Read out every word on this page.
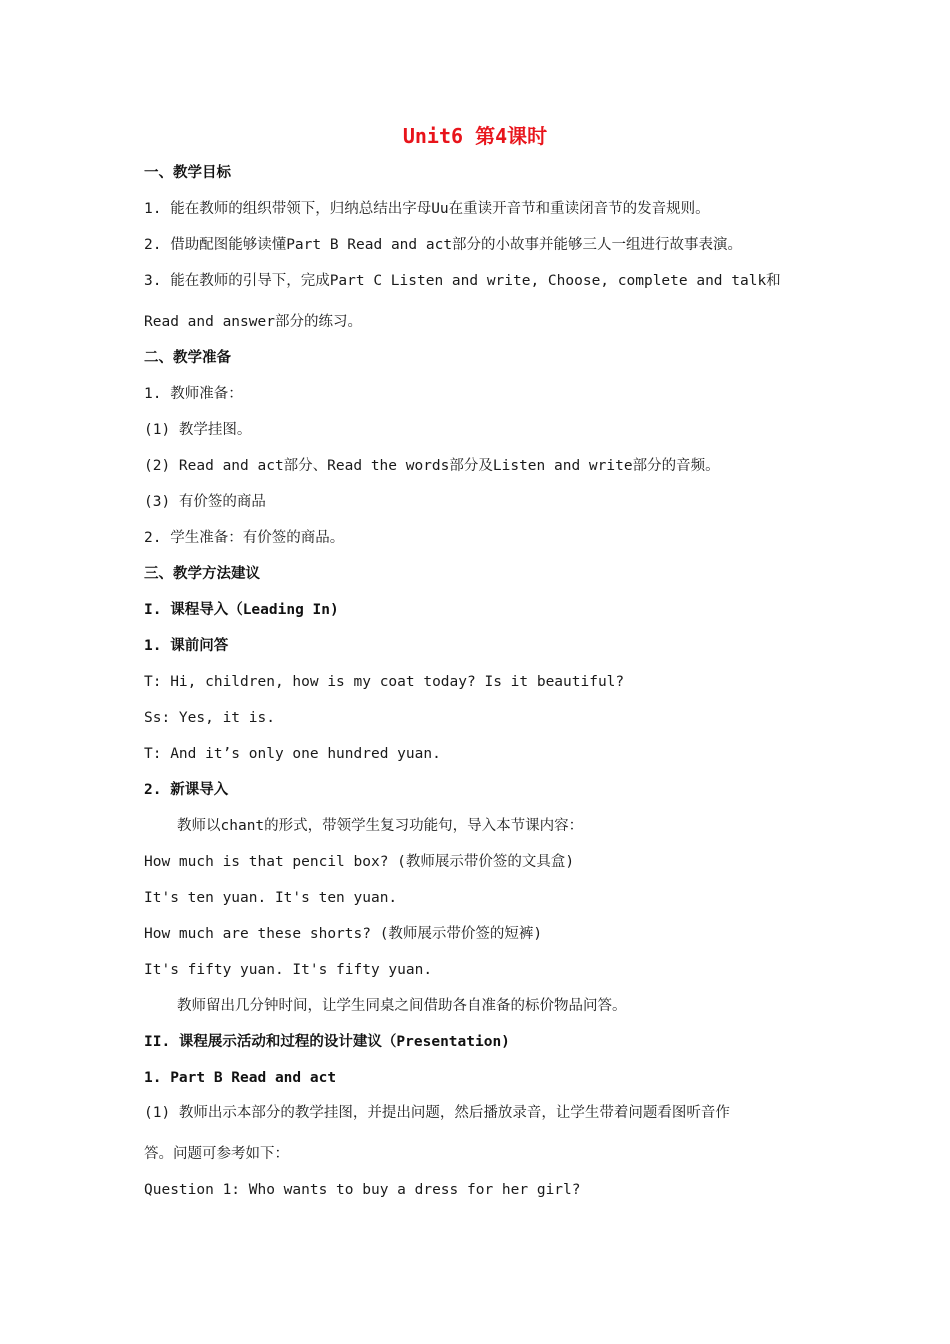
Unit6 第4课时
一、教学目标
1. 能在教师的组织带领下，归纳总结出字母Uu在重读开音节和重读闭音节的发音规则。
2. 借助配图能够读懂Part B Read and act部分的小故事并能够三人一组进行故事表演。
3. 能在教师的引导下，完成Part C Listen and write, Choose, complete and talk和
Read and answer部分的练习。
二、教学准备
1. 教师准备：
(1) 教学挂图。
(2) Read and act部分、Read the words部分及Listen and write部分的音频。
(3) 有价签的商品
2. 学生准备：有价签的商品。
三、教学方法建议
I. 课程导入（Leading In)
1. 课前问答
T: Hi, children, how is my coat today? Is it beautiful?
Ss: Yes, it is.
T: And it’s only one hundred yuan.
2. 新课导入
教师以chant的形式，带领学生复习功能句，导入本节课内容：
How much is that pencil box? (教师展示带价签的文具盒)
It's ten yuan. It's ten yuan.
How much are these shorts? (教师展示带价签的短裤)
It's fifty yuan. It's fifty yuan.
教师留出几分钟时间，让学生同桌之间借助各自准备的标价物品问答。
II. 课程展示活动和过程的设计建议（Presentation)
1. Part B Read and act
(1) 教师出示本部分的教学挂图，并提出问题，然后播放录音，让学生带着问题看图听音作
答。问题可参考如下：
Question 1: Who wants to buy a dress for her girl?
